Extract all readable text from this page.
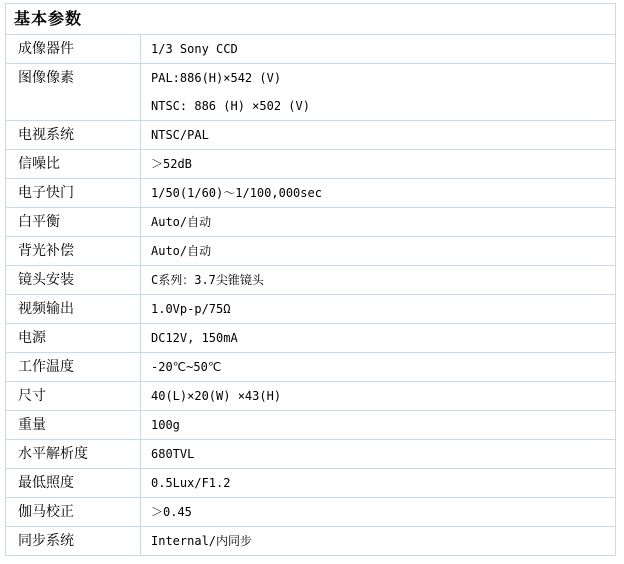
基本参数	
成像器件	1/3 Sony CCD

图像像素	PAL:886(H)×542 (V)
NTSC: 886 (H) ×502 (V)

电视系统	NTSC/PAL

信噪比	＞52dB

电子快门	1/50(1/60)～1/100,000sec

白平衡	Auto/自动

背光补偿	Auto/自动

镜头安装	C系列：3.7尖锥镜头

视频输出	1.0Vp-p/75Ω

电源	DC12V, 150mA

工作温度	-20℃~50℃

尺寸	40(L)×20(W) ×43(H)

重量	100g

水平解析度	680TVL

最低照度	0.5Lux/F1.2

伽马校正	＞0.45

同步系统	Internal/内同步
